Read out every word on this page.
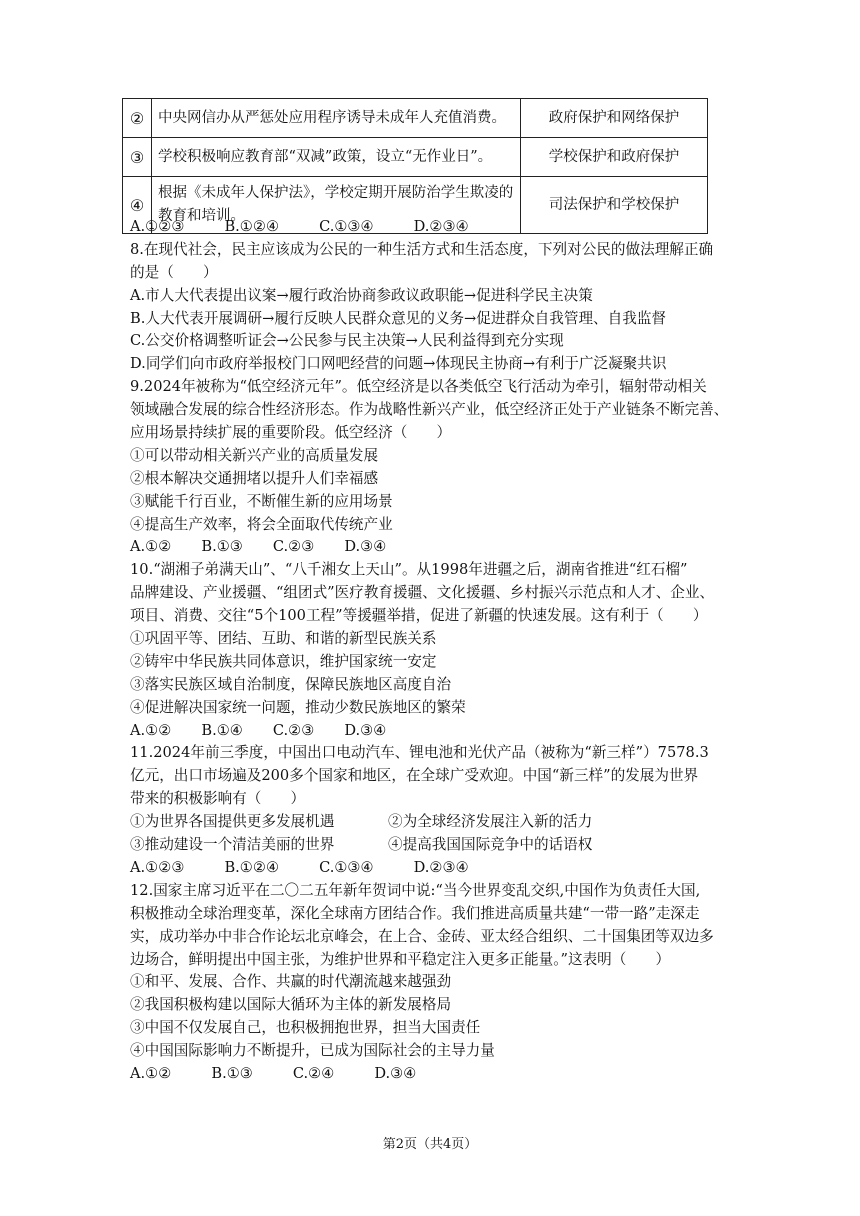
②	中央网信办从严惩处应用程序诱导未成年人充值消费。	政府保护和网络保护
③	学校积极响应教育部“双减”政策，设立“无作业日”。	学校保护和政府保护
④	根据《未成年人保护法》，学校定期开展防治学生欺凌的教育和培训。	司法保护和学校保护
A.①②③	B.①②④	C.①③④	D.②③④
8.在现代社会，民主应该成为公民的一种生活方式和生活态度，下列对公民的做法理解正确
的是（　　）
A.市人大代表提出议案→履行政治协商参政议政职能→促进科学民主决策
B.人大代表开展调研→履行反映人民群众意见的义务→促进群众自我管理、自我监督
C.公交价格调整听证会→公民参与民主决策→人民利益得到充分实现
D.同学们向市政府举报校门口网吧经营的问题→体现民主协商→有利于广泛凝聚共识
9.2024年被称为“低空经济元年”。低空经济是以各类低空飞行活动为牵引，辐射带动相关
领域融合发展的综合性经济形态。作为战略性新兴产业，低空经济正处于产业链条不断完善、
应用场景持续扩展的重要阶段。低空经济（　　）
①可以带动相关新兴产业的高质量发展
②根本解决交通拥堵以提升人们幸福感
③赋能千行百业，不断催生新的应用场景
④提高生产效率，将会全面取代传统产业
A.①② B.①③ C.②③ D.③④
10.“湖湘子弟满天山”、“八千湘女上天山”。从1998年进疆之后，湖南省推进“红石榴”
品牌建设、产业援疆、“组团式”医疗教育援疆、文化援疆、乡村振兴示范点和人才、企业、
项目、消费、交往“5个100工程”等援疆举措，促进了新疆的快速发展。这有利于（　　）
①巩固平等、团结、互助、和谐的新型民族关系
②铸牢中华民族共同体意识，维护国家统一安定
③落实民族区域自治制度，保障民族地区高度自治
④促进解决国家统一问题，推动少数民族地区的繁荣
A.①② B.①④ C.②③ D.③④
11.2024年前三季度，中国出口电动汽车、锂电池和光伏产品（被称为“新三样”）7578.3
亿元，出口市场遍及200多个国家和地区，在全球广受欢迎。中国“新三样”的发展为世界
带来的积极影响有（　　）
①为世界各国提供更多发展机遇	②为全球经济发展注入新的活力
③推动建设一个清洁美丽的世界	④提高我国国际竞争中的话语权
A.①②③	B.①②④	C.①③④	D.②③④
12.国家主席习近平在二〇二五年新年贺词中说:“当今世界变乱交织,中国作为负责任大国,
积极推动全球治理变革，深化全球南方团结合作。我们推进高质量共建“一带一路”走深走
实，成功举办中非合作论坛北京峰会，在上合、金砖、亚太经合组织、二十国集团等双边多
边场合，鲜明提出中国主张，为维护世界和平稳定注入更多正能量。”这表明（　　）
①和平、发展、合作、共赢的时代潮流越来越强劲
②我国积极构建以国际大循环为主体的新发展格局
③中国不仅发展自己，也积极拥抱世界，担当大国责任
④中国国际影响力不断提升，已成为国际社会的主导力量
A.①②	B.①③	C.②④	D.③④
第2页（共4页）
